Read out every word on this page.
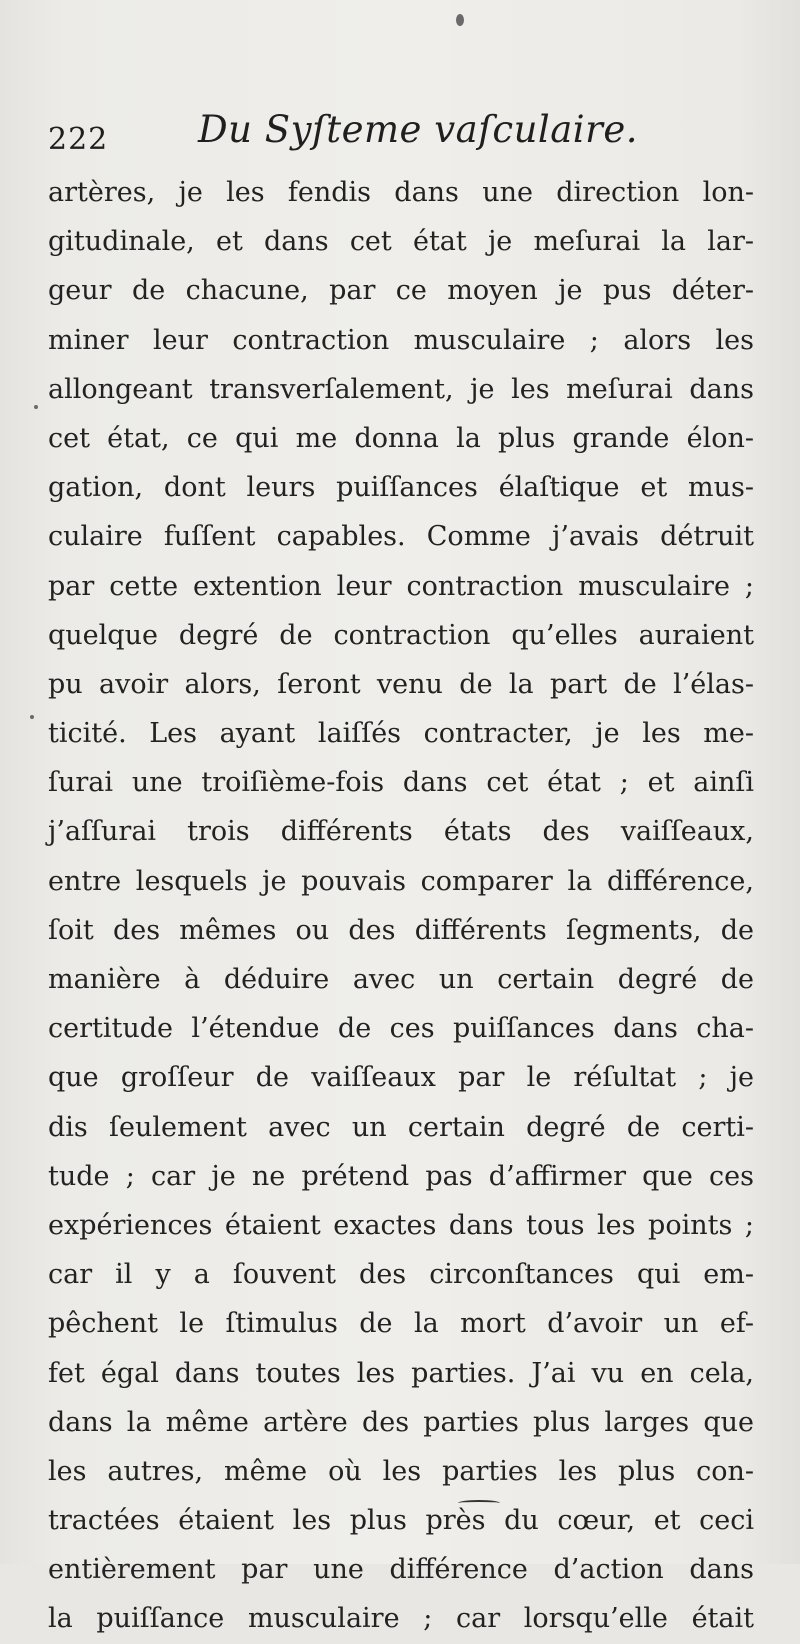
222 Du Syſteme vaſculaire.
artères, je les fendis dans une direction lon-
gitudinale, et dans cet état je meſurai la lar-
geur de chacune, par ce moyen je pus déter-
miner leur contraction musculaire ; alors les
allongeant transverſalement, je les meſurai dans
cet état, ce qui me donna la plus grande élon-
gation, dont leurs puiſſances élaſtique et mus-
culaire fuſſent capables. Comme j’avais détruit
par cette extention leur contraction musculaire ;
quelque degré de contraction qu’elles auraient
pu avoir alors, ſeront venu de la part de l’élas-
ticité. Les ayant laiſſés contracter, je les me-
ſurai une troiſième-fois dans cet état ; et ainſi
j’aſſurai trois différents états des vaiſſeaux,
entre lesquels je pouvais comparer la différence,
ſoit des mêmes ou des différents ſegments, de
manière à déduire avec un certain degré de
certitude l’étendue de ces puiſſances dans cha-
que groſſeur de vaiſſeaux par le réſultat ; je
dis ſeulement avec un certain degré de certi-
tude ; car je ne prétend pas d’affirmer que ces
expériences étaient exactes dans tous les points ;
car il y a ſouvent des circonſtances qui em-
pêchent le ſtimulus de la mort d’avoir un ef-
fet égal dans toutes les parties. J’ai vu en cela,
dans la même artère des parties plus larges que
les autres, même où les parties les plus con-
tractées étaient les plus près du cœur, et ceci
entièrement par une différence d’action dans
la puiſſance musculaire ; car lorsqu’elle était
